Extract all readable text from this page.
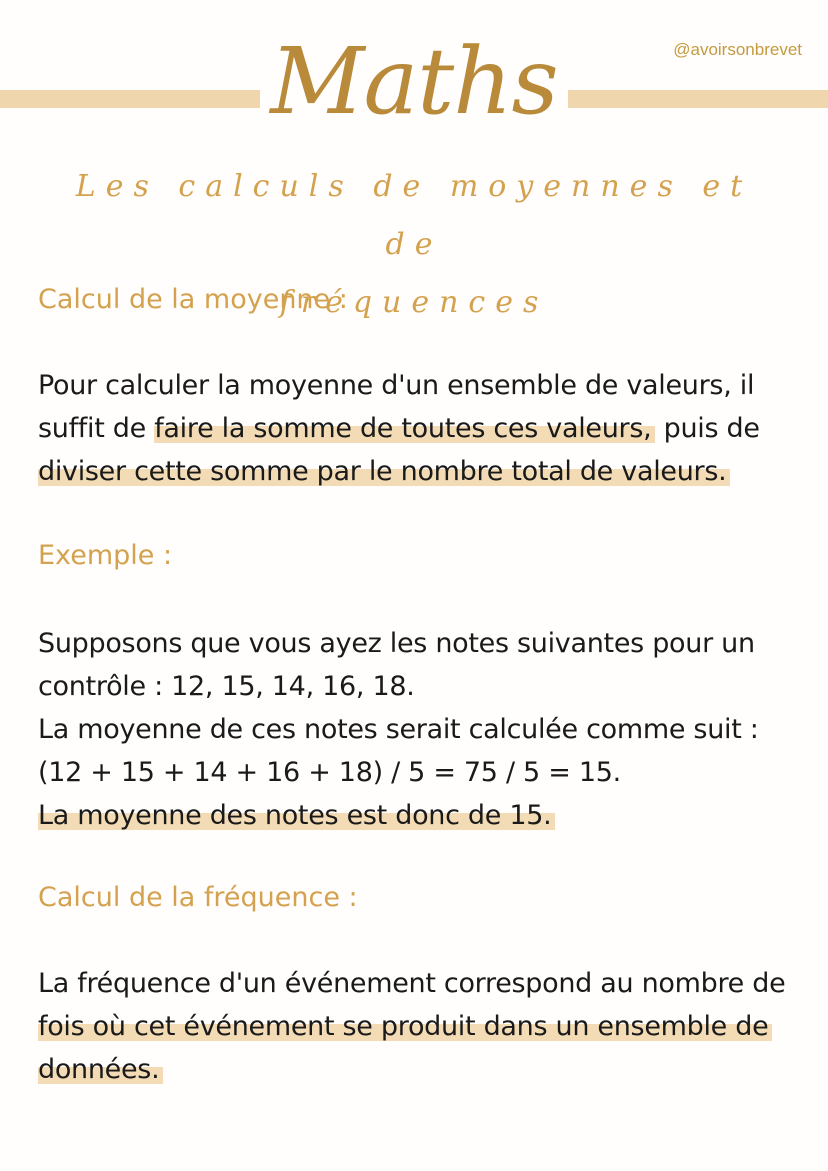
Maths	@avoirsonbrevet
Les calculs de moyennes et de
fréquences
Calcul de la moyenne :
Pour calculer la moyenne d'un ensemble de valeurs, il
suffit de faire la somme de toutes ces valeurs, puis de
diviser cette somme par le nombre total de valeurs.
Exemple :
Supposons que vous ayez les notes suivantes pour un
contrôle : 12, 15, 14, 16, 18.
La moyenne de ces notes serait calculée comme suit :
(12 + 15 + 14 + 16 + 18) / 5 = 75 / 5 = 15.
La moyenne des notes est donc de 15.
Calcul de la fréquence :
La fréquence d'un événement correspond au nombre de
fois où cet événement se produit dans un ensemble de
données.
